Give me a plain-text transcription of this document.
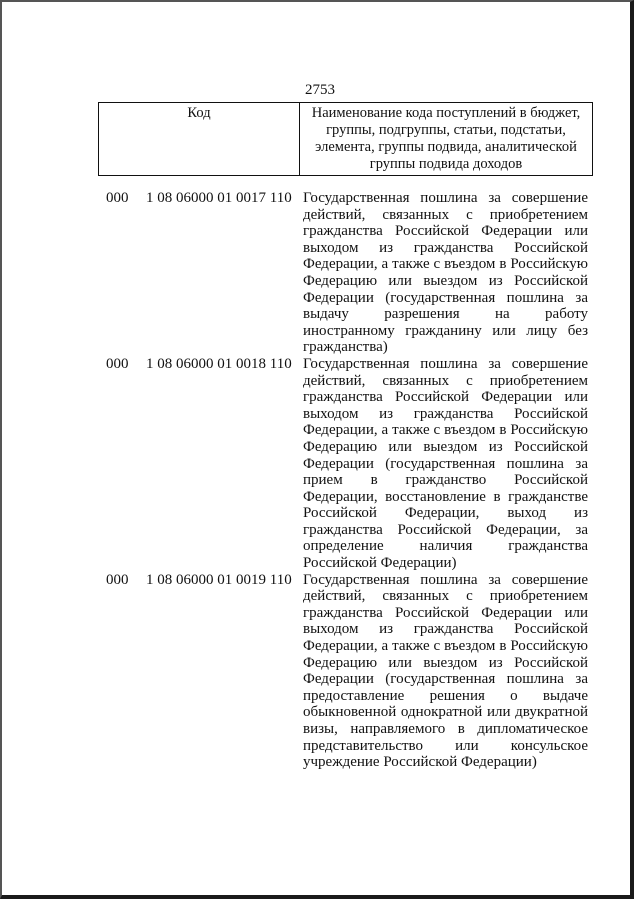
2753
Код	Наименование кода поступлений в бюджет, группы, подгруппы, статьи, подстатьи, элемента, группы подвида, аналитической группы подвида доходов
000	1 08 06000 01 0017 110 Государственная пошлина за совершение действий, связанных с приобретением гражданства Российской Федерации или выходом из гражданства Российской Федерации, а также с въездом в Российскую Федерацию или выездом из Российской Федерации (государственная пошлина за выдачу разрешения на работу иностранному гражданину или лицу без гражданства)
000	1 08 06000 01 0018 110 Государственная пошлина за совершение действий, связанных с приобретением гражданства Российской Федерации или выходом из гражданства Российской Федерации, а также с въездом в Российскую Федерацию или выездом из Российской Федерации (государственная пошлина за прием в гражданство Российской Федерации, восстановление в гражданстве Российской Федерации, выход из гражданства Российской Федерации, за определение наличия гражданства Российской Федерации)
000	1 08 06000 01 0019 110 Государственная пошлина за совершение действий, связанных с приобретением гражданства Российской Федерации или выходом из гражданства Российской Федерации, а также с въездом в Российскую Федерацию или выездом из Российской Федерации (государственная пошлина за предоставление решения о выдаче обыкновенной однократной или двукратной визы, направляемого в дипломатическое представительство или консульское учреждение Российской Федерации)
